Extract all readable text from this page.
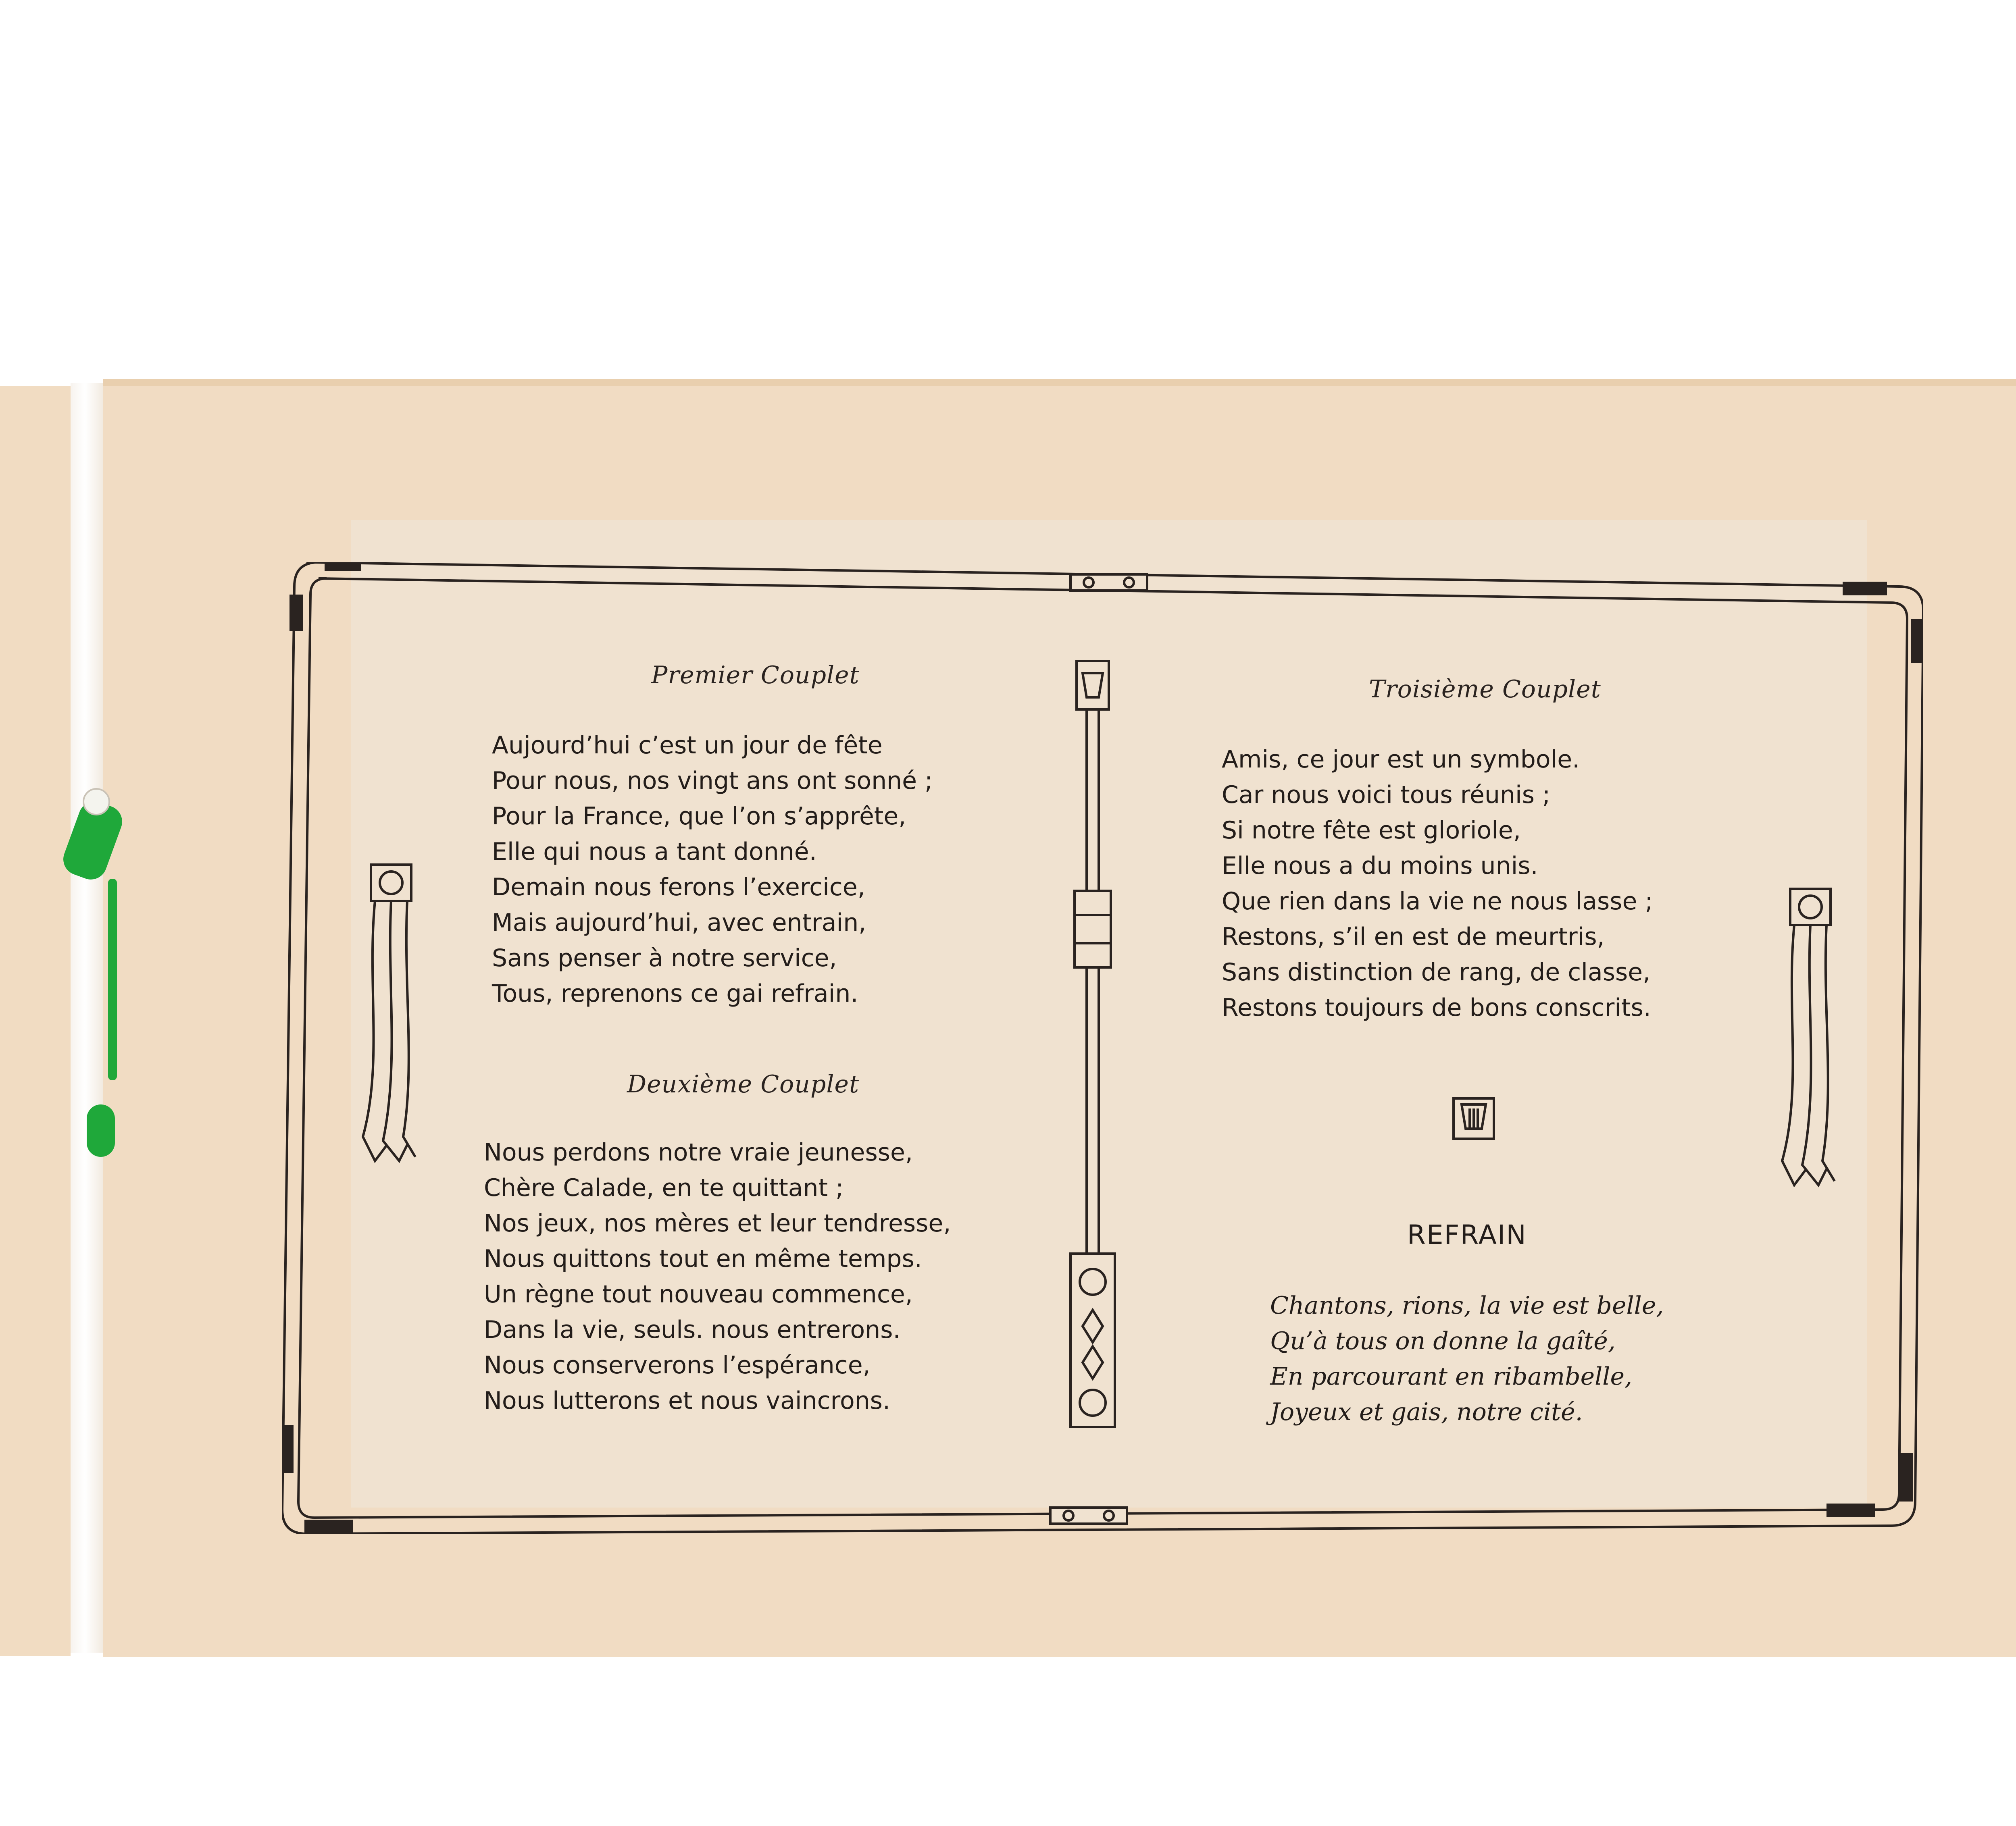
Premier Couplet
Aujourd’hui c’est un jour de fête
Pour nous, nos vingt ans ont sonné ;
Pour la France, que l’on s’apprête,
Elle qui nous a tant donné.
Demain nous ferons l’exercice,
Mais aujourd’hui, avec entrain,
Sans penser à notre service,
Tous, reprenons ce gai refrain.
Deuxième Couplet
Nous perdons notre vraie jeunesse,
Chère Calade, en te quittant ;
Nos jeux, nos mères et leur tendresse,
Nous quittons tout en même temps.
Un règne tout nouveau commence,
Dans la vie, seuls. nous entrerons.
Nous conserverons l’espérance,
Nous lutterons et nous vaincrons.
Troisième Couplet
Amis, ce jour est un symbole.
Car nous voici tous réunis ;
Si notre fête est gloriole,
Elle nous a du moins unis.
Que rien dans la vie ne nous lasse ;
Restons, s’il en est de meurtris,
Sans distinction de rang, de classe,
Restons toujours de bons conscrits.
REFRAIN
Chantons, rions, la vie est belle,
Qu’à tous on donne la gaîté,
En parcourant en ribambelle,
Joyeux et gais, notre cité.
